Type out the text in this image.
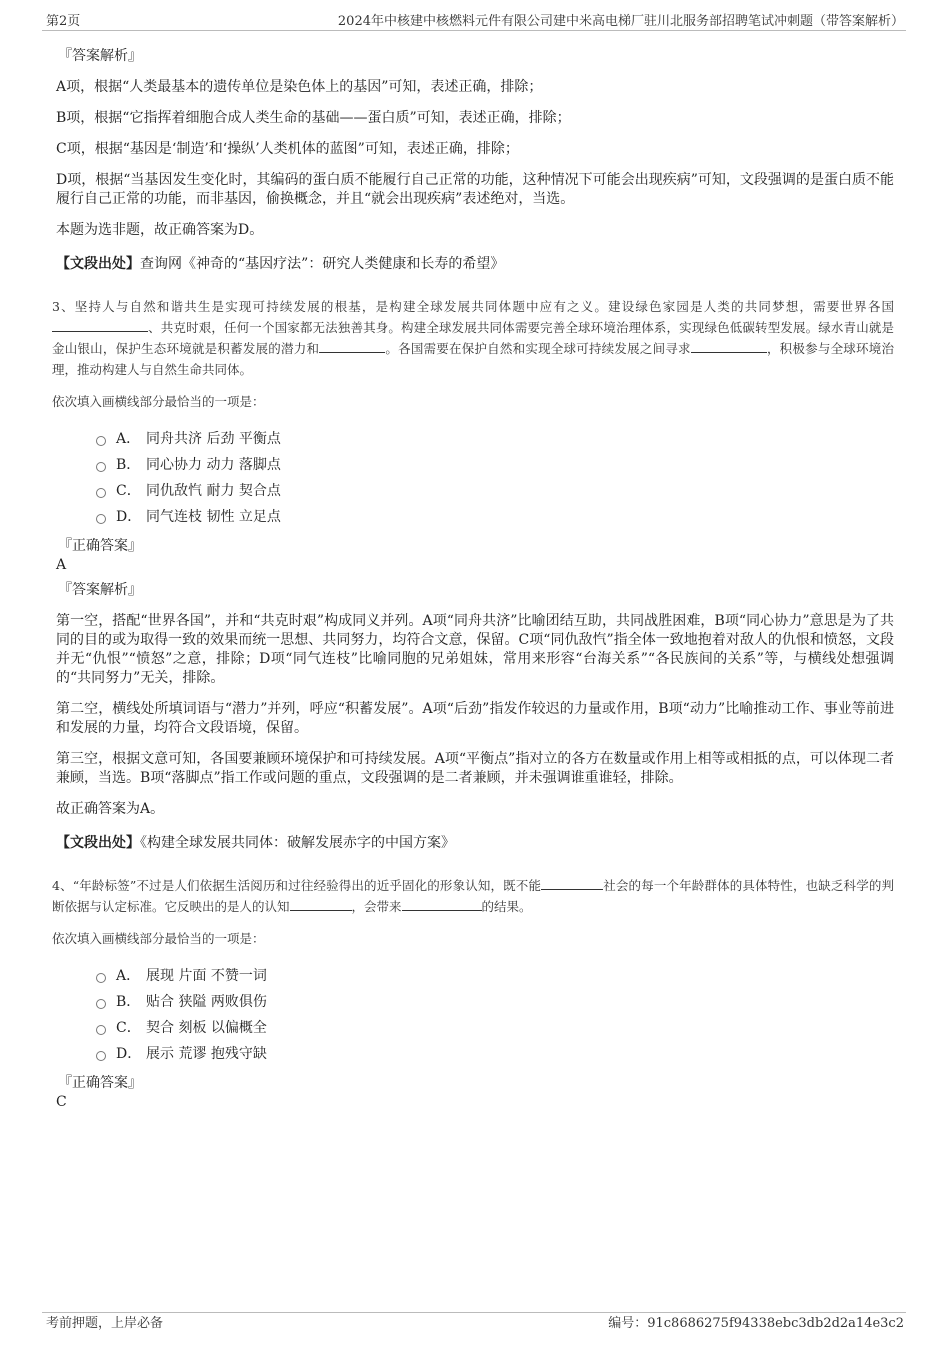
第2页	2024年中核建中核燃料元件有限公司建中米高电梯厂驻川北服务部招聘笔试冲刺题（带答案解析）
『答案解析』

A项，根据“人类最基本的遗传单位是染色体上的基因”可知，表述正确，排除；

B项，根据“它指挥着细胞合成人类生命的基础——蛋白质”可知，表述正确，排除；

C项，根据“基因是‘制造’和‘操纵’人类机体的蓝图”可知，表述正确，排除；

D项，根据“当基因发生变化时，其编码的蛋白质不能履行自己正常的功能，这种情况下可能会出现疾病”可知，文段强调的是蛋白质不能履行自己正常的功能，而非基因，偷换概念，并且“就会出现疾病”表述绝对，当选。

本题为选非题，故正确答案为D。

【文段出处】查询网《神奇的“基因疗法”：研究人类健康和长寿的希望》

3、坚持人与自然和谐共生是实现可持续发展的根基，是构建全球发展共同体题中应有之义。建设绿色家园是人类的共同梦想，需要世界各国、共克时艰，任何一个国家都无法独善其身。构建全球发展共同体需要完善全球环境治理体系，实现绿色低碳转型发展。绿水青山就是金山银山，保护生态环境就是积蓄发展的潜力和	。各国需要在保护自然和实现全球可持续发展之间寻求	，积极参与全球环境治理，推动构建人与自然生命共同体。

依次填入画横线部分最恰当的一项是：

A． 同舟共济 后劲 平衡点
B． 同心协力 动力 落脚点
C． 同仇敌忾 耐力 契合点
D． 同气连枝 韧性 立足点
『正确答案』
A
『答案解析』

第一空，搭配“世界各国”，并和“共克时艰”构成同义并列。A项“同舟共济”比喻团结互助，共同战胜困难，B项“同心协力”意思是为了共同的目的或为取得一致的效果而统一思想、共同努力，均符合文意，保留。C项“同仇敌忾”指全体一致地抱着对敌人的仇恨和愤怒，文段并无“仇恨”“愤怒”之意，排除；D项“同气连枝”比喻同胞的兄弟姐妹，常用来形容“台海关系”“各民族间的关系”等，与横线处想强调的“共同努力”无关，排除。

第二空，横线处所填词语与“潜力”并列，呼应“积蓄发展”。A项“后劲”指发作较迟的力量或作用，B项“动力”比喻推动工作、事业等前进和发展的力量，均符合文段语境，保留。

第三空，根据文意可知，各国要兼顾环境保护和可持续发展。A项“平衡点”指对立的各方在数量或作用上相等或相抵的点，可以体现二者兼顾，当选。B项“落脚点”指工作或问题的重点，文段强调的是二者兼顾，并未强调谁重谁轻，排除。

故正确答案为A。

【文段出处】《构建全球发展共同体：破解发展赤字的中国方案》

4、“年龄标签”不过是人们依据生活阅历和过往经验得出的近乎固化的形象认知，既不能	社会的每一个年龄群体的具体特性，也缺乏科学的判断依据与认定标准。它反映出的是人的认知	，会带来	的结果。

依次填入画横线部分最恰当的一项是：

A． 展现 片面 不赞一词
B． 贴合 狭隘 两败俱伤
C． 契合 刻板 以偏概全
D． 展示 荒谬 抱残守缺
『正确答案』
C
考前押题，上岸必备	编号：91c8686275f94338ebc3db2d2a14e3c2
